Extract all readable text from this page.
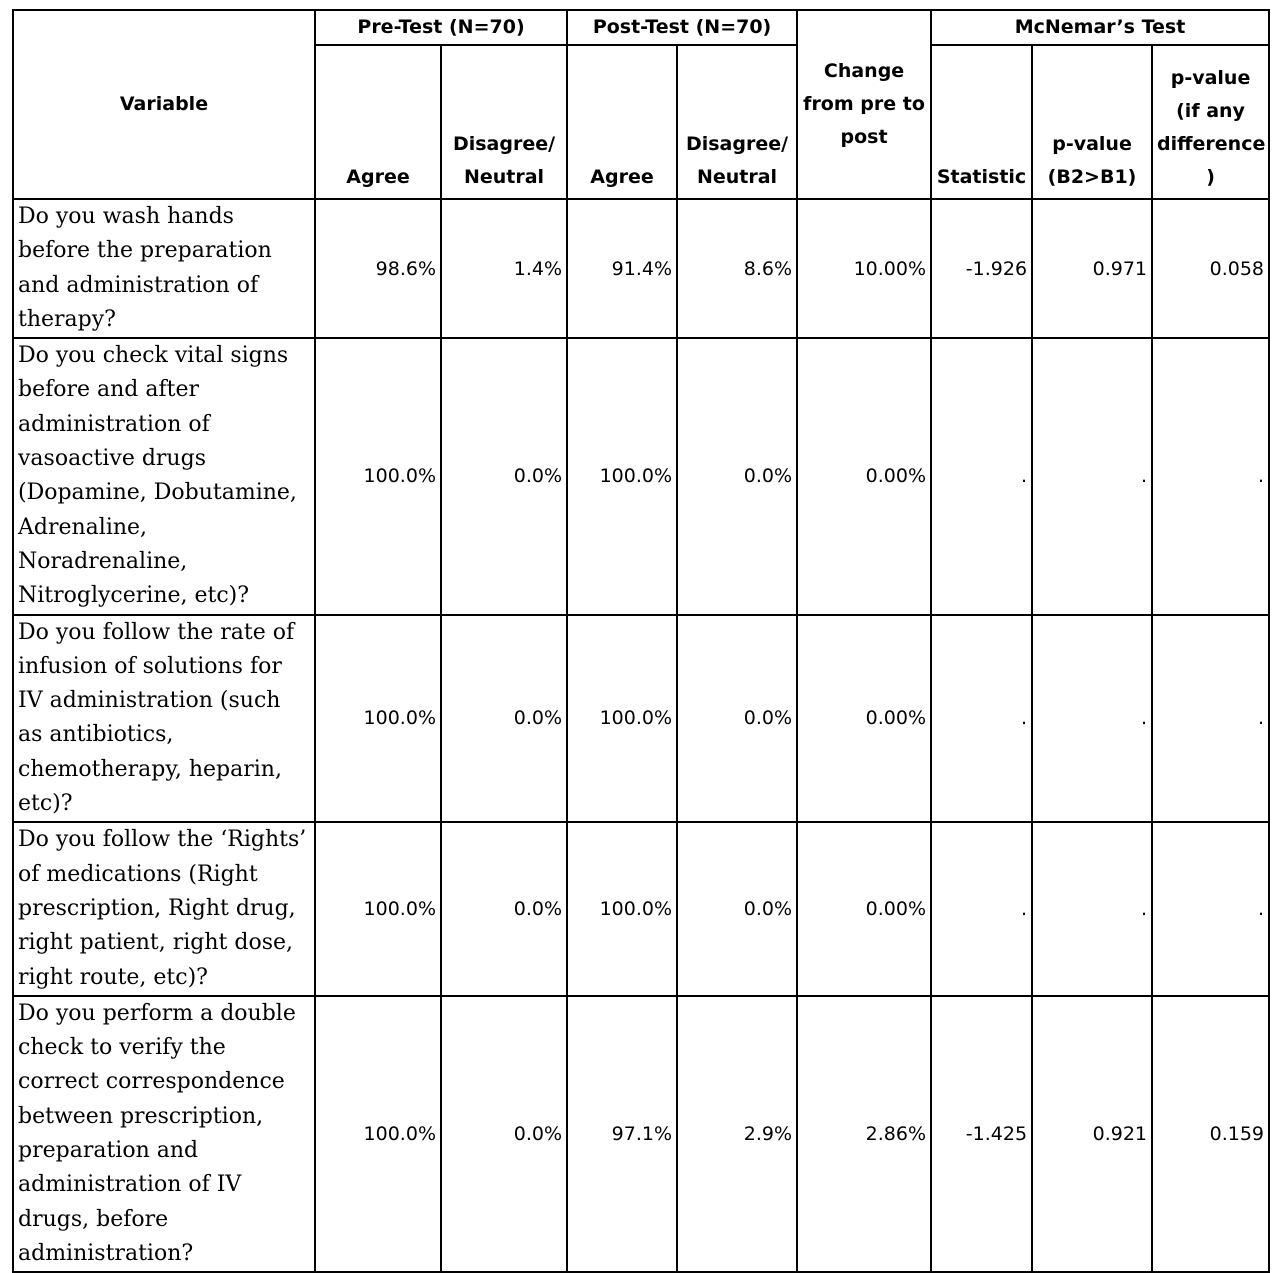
Variable	Pre-Test (N=70)		Post-Test (N=70)		Change from pre to post	McNemar’s Test		
	Agree	Disagree/ Neutral	Agree	Disagree/ Neutral		Statistic	p-value (B2>B1)	p-value (if any difference )
Do you wash hands before the preparation and administration of therapy?	98.6%	1.4%	91.4%	8.6%	10.00%	-1.926	0.971	0.058
Do you check vital signs before and after administration of vasoactive drugs (Dopamine, Dobutamine, Adrenaline, Noradrenaline, Nitroglycerine, etc)?	100.0%	0.0%	100.0%	0.0%	0.00%	.	.	.
Do you follow the rate of infusion of solutions for IV administration (such as antibiotics, chemotherapy, heparin, etc)?	100.0%	0.0%	100.0%	0.0%	0.00%	.	.	.
Do you follow the ‘Rights’ of medications (Right prescription, Right drug, right patient, right dose, right route, etc)?	100.0%	0.0%	100.0%	0.0%	0.00%	.	.	.
Do you perform a double check to verify the correct correspondence between prescription, preparation and administration of IV drugs, before administration?	100.0%	0.0%	97.1%	2.9%	2.86%	-1.425	0.921	0.159
